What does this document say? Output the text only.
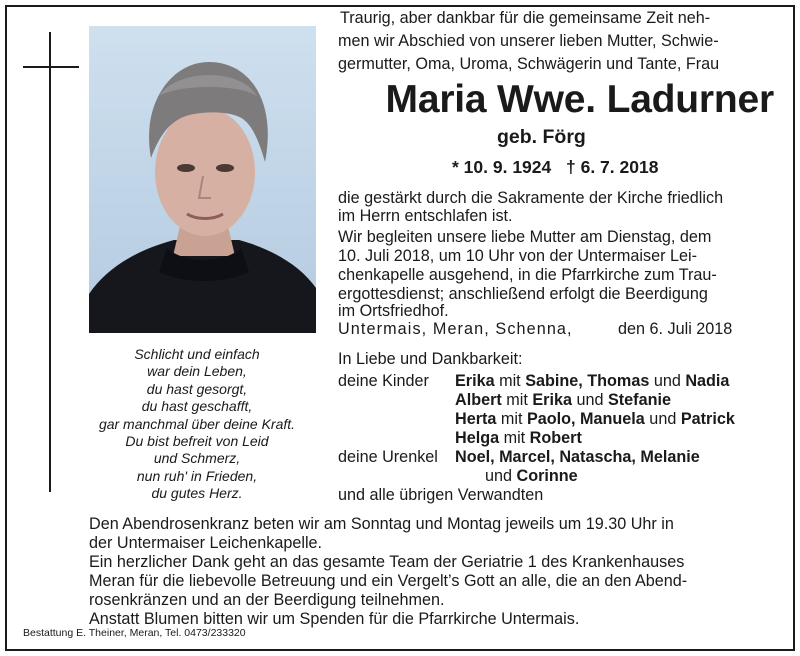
Schlicht und einfach
war dein Leben,
du hast gesorgt,
du hast geschafft,
gar manchmal über deine Kraft.
Du bist befreit von Leid
und Schmerz,
nun ruh' in Frieden,
du gutes Herz.
Traurig, aber dankbar für die gemeinsame Zeit neh-
men wir Abschied von unserer lieben Mutter, Schwie-
germutter, Oma, Uroma, Schwägerin und Tante, Frau
Maria Wwe. Ladurner
geb. Förg
* 10. 9. 1924 † 6. 7. 2018
die gestärkt durch die Sakramente der Kirche friedlich
im Herrn entschlafen ist.
Wir begleiten unsere liebe Mutter am Dienstag, dem
10. Juli 2018, um 10 Uhr von der Untermaiser Lei-
chenkapelle ausgehend, in die Pfarrkirche zum Trau-
ergottesdienst; anschließend erfolgt die Beerdigung
im Ortsfriedhof.
Untermais, Meran, Schenna,	den 6. Juli 2018
In Liebe und Dankbarkeit:
deine Kinder Erika mit Sabine, Thomas und Nadia
Albert mit Erika und Stefanie
Herta mit Paolo, Manuela und Patrick
Helga mit Robert
deine Urenkel Noel, Marcel, Natascha, Melanie
und Corinne
und alle übrigen Verwandten
Den Abendrosenkranz beten wir am Sonntag und Montag jeweils um 19.30 Uhr in
der Untermaiser Leichenkapelle.
Ein herzlicher Dank geht an das gesamte Team der Geriatrie 1 des Krankenhauses
Meran für die liebevolle Betreuung und ein Vergelt’s Gott an alle, die an den Abend-
rosenkränzen und an der Beerdigung teilnehmen.
Anstatt Blumen bitten wir um Spenden für die Pfarrkirche Untermais.
Bestattung E. Theiner, Meran, Tel. 0473/233320
